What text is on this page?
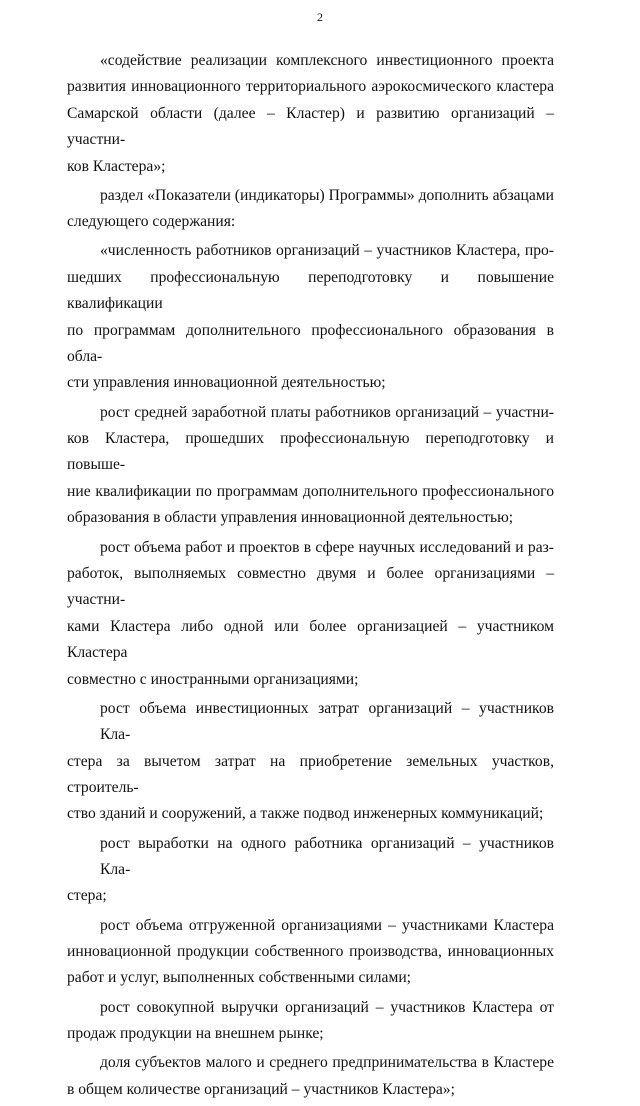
2
«содействие реализации комплексного инвестиционного проекта
развития инновационного территориального аэрокосмического кластера
Самарской области (далее – Кластер) и развитию организаций – участни-
ков Кластера»;
раздел «Показатели (индикаторы) Программы» дополнить абзацами
следующего содержания:
«численность работников организаций – участников Кластера, про-
шедших профессиональную переподготовку и повышение квалификации
по программам дополнительного профессионального образования в обла-
сти управления инновационной деятельностью;
рост средней заработной платы работников организаций – участни-
ков Кластера, прошедших профессиональную переподготовку и повыше-
ние квалификации по программам дополнительного профессионального
образования в области управления инновационной деятельностью;
рост объема работ и проектов в сфере научных исследований и раз-
работок, выполняемых совместно двумя и более организациями – участни-
ками Кластера либо одной или более организацией – участником Кластера
совместно с иностранными организациями;
рост объема инвестиционных затрат организаций – участников Кла-
стера за вычетом затрат на приобретение земельных участков, строитель-
ство зданий и сооружений, а также подвод инженерных коммуникаций;
рост выработки на одного работника организаций – участников Кла-
стера;
рост объема отгруженной организациями – участниками Кластера
инновационной продукции собственного производства, инновационных
работ и услуг, выполненных собственными силами;
рост совокупной выручки организаций – участников Кластера от
продаж продукции на внешнем рынке;
доля субъектов малого и среднего предпринимательства в Кластере
в общем количестве организаций – участников Кластера»;
